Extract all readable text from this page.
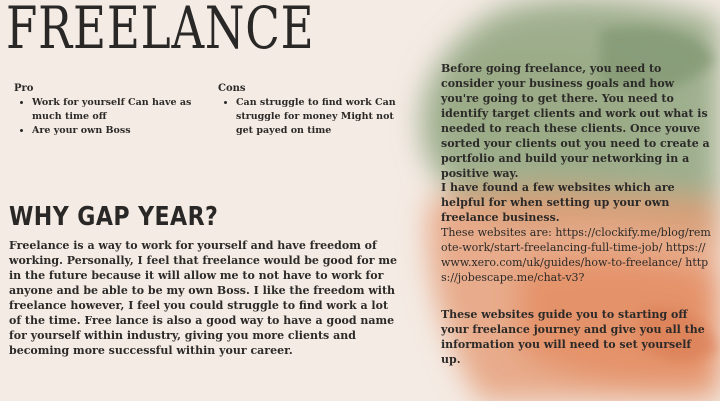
FREELANCE

Pro

• Work for yourself Can have as much time off
• Are your own Boss

Cons

• Can struggle to find work Can struggle for money Might not get payed on time
WHY GAP YEAR?

Freelance is a way to work for yourself and have freedom of working. Personally, I feel that freelance would be good for me in the future because it will allow me to not have to work for anyone and be able to be my own Boss. I like the freedom with freelance however, I feel you could struggle to find work a lot of the time. Free lance is also a good way to have a good name for yourself within industry, giving you more clients and becoming more successful within your career.

Before going freelance, you need to consider your business goals and how you're going to get there. You need to identify target clients and work out what is needed to reach these clients. Once youve sorted your clients out you need to create a portfolio and build your networking in a positive way.

I have found a few websites which are helpful for when setting up your own freelance business.
These websites are: https://clockify.me/blog/remote-work/start-freelancing-full-time-job/ https://www.xero.com/uk/guides/how-to-freelance/ https://jobescape.me/chat-v3?

These websites guide you to starting off your freelance journey and give you all the information you will need to set yourself up.
